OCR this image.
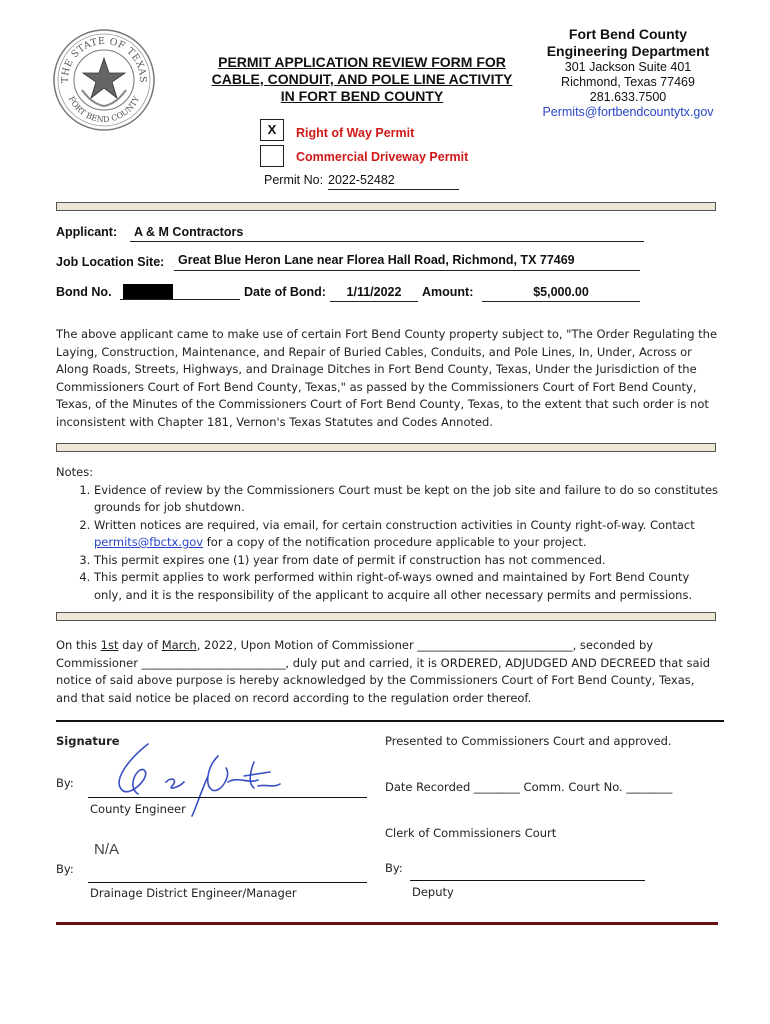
THE STATE OF TEXAS
FORT BEND COUNTY
PERMIT APPLICATION REVIEW FORM FOR
CABLE, CONDUIT, AND POLE LINE ACTIVITY
IN FORT BEND COUNTY
Fort Bend County
Engineering Department
301 Jackson Suite 401
Richmond, Texas 77469
281.633.7500
Permits@fortbendcountytx.gov
X	Right of Way Permit
Commercial Driveway Permit
Permit No: 2022-52482
Applicant:	A & M Contractors
Job Location Site:	Great Blue Heron Lane near Florea Hall Road, Richmond, TX 77469
Bond No.	Date of Bond:	1/11/2022	Amount:	$5,000.00
The above applicant came to make use of certain Fort Bend County property subject to, "The Order Regulating the Laying, Construction, Maintenance, and Repair of Buried Cables, Conduits, and Pole Lines, In, Under, Across or Along Roads, Streets, Highways, and Drainage Ditches in Fort Bend County, Texas, Under the Jurisdiction of the Commissioners Court of Fort Bend County, Texas," as passed by the Commissioners Court of Fort Bend County, Texas, of the Minutes of the Commissioners Court of Fort Bend County, Texas, to the extent that such order is not inconsistent with Chapter 181, Vernon's Texas Statutes and Codes Annoted.
Notes:
1. Evidence of review by the Commissioners Court must be kept on the job site and failure to do so constitutes grounds for job shutdown.
2. Written notices are required, via email, for certain construction activities in County right-of-way. Contact permits@fbctx.gov for a copy of the notification procedure applicable to your project.
3. This permit expires one (1) year from date of permit if construction has not commenced.
4. This permit applies to work performed within right-of-ways owned and maintained by Fort Bend County only, and it is the responsibility of the applicant to acquire all other necessary permits and permissions.
On this 1st day of March, 2022, Upon Motion of Commissioner ___________________________, seconded by Commissioner _________________________, duly put and carried, it is ORDERED, ADJUDGED AND DECREED that said notice of said above purpose is hereby acknowledged by the Commissioners Court of Fort Bend County, Texas, and that said notice be placed on record according to the regulation order thereof.
Signature
By:
County Engineer
N/A
By:
Drainage District Engineer/Manager
Presented to Commissioners Court and approved.
Date Recorded ________ Comm. Court No. ________
Clerk of Commissioners Court
By:
Deputy
